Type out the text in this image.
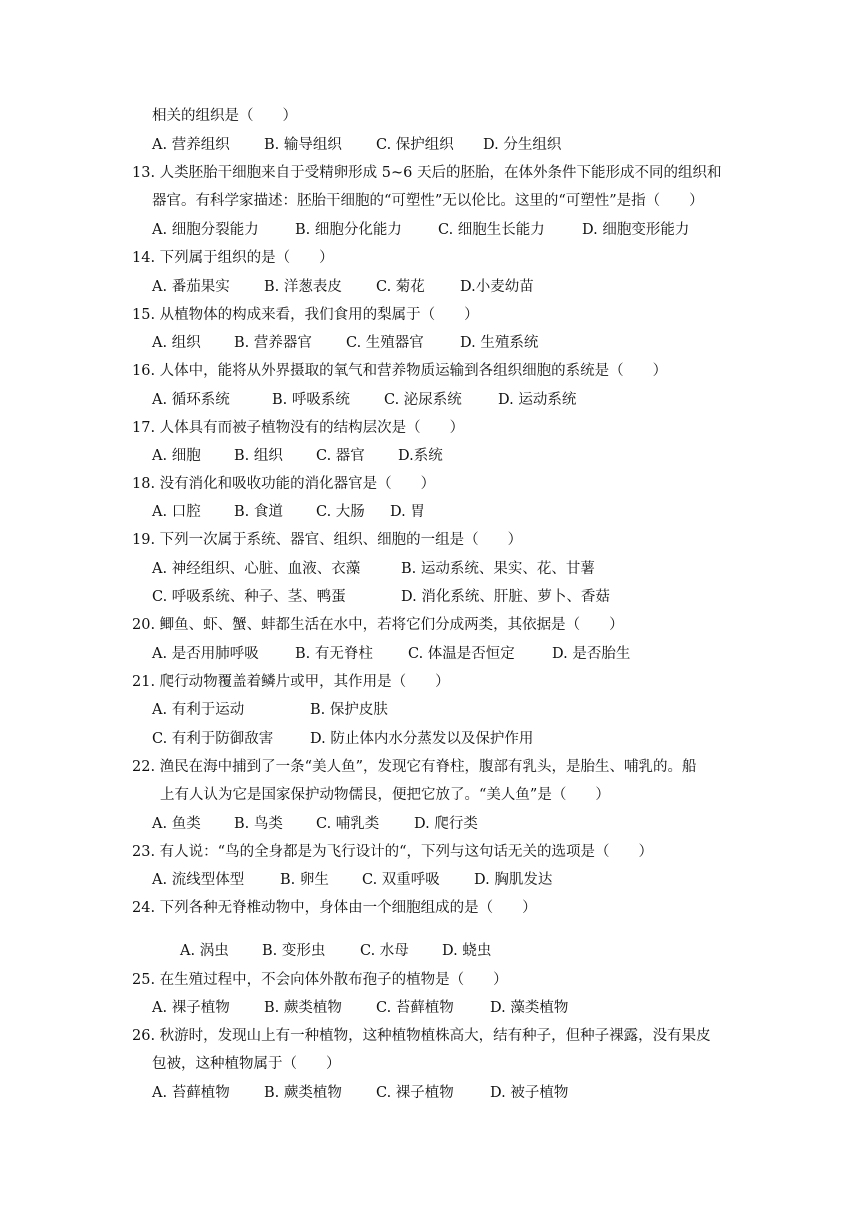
相关的组织是（　　）
A. 营养组织 B. 输导组织 C. 保护组织 D. 分生组织
13. 人类胚胎干细胞来自于受精卵形成 5~6 天后的胚胎，在体外条件下能形成不同的组织和
器官。有科学家描述：胚胎干细胞的“可塑性”无以伦比。这里的“可塑性”是指（　　）
A. 细胞分裂能力	B. 细胞分化能力 C. 细胞生长能力	D. 细胞变形能力
14. 下列属于组织的是（　　）
A. 番茄果实 B. 洋葱表皮 C. 菊花 D.小麦幼苗
15. 从植物体的构成来看，我们食用的梨属于（　　）
A. 组织 B. 营养器官 C. 生殖器官 D. 生殖系统
16. 人体中，能将从外界摄取的氧气和营养物质运输到各组织细胞的系统是（　　）
A. 循环系统	B. 呼吸系统 C. 泌尿系统 D. 运动系统
17. 人体具有而被子植物没有的结构层次是（　　）
A. 细胞 B. 组织 C. 器官 D.系统
18. 没有消化和吸收功能的消化器官是（　　）
A. 口腔 B. 食道 C. 大肠 D. 胃
19. 下列一次属于系统、器官、组织、细胞的一组是（　　）
A. 神经组织、心脏、血液、衣藻	B. 运动系统、果实、花、甘薯
C. 呼吸系统、种子、茎、鸭蛋	D. 消化系统、肝脏、萝卜、香菇
20. 鲫鱼、虾、蟹、蚌都生活在水中，若将它们分成两类，其依据是（　　）
A. 是否用肺呼吸	B. 有无脊柱 C. 体温是否恒定	D. 是否胎生
21. 爬行动物覆盖着鳞片或甲，其作用是（　　）
A. 有利于运动	B. 保护皮肤
C. 有利于防御敌害	D. 防止体内水分蒸发以及保护作用
22. 渔民在海中捕到了一条“美人鱼”，发现它有脊柱，腹部有乳头，是胎生、哺乳的。船
上有人认为它是国家保护动物儒艮，便把它放了。“美人鱼”是（　　）
A. 鱼类 B. 鸟类 C. 哺乳类 D. 爬行类
23. 有人说：“鸟的全身都是为飞行设计的“，下列与这句话无关的选项是（　　）
A. 流线型体型 B. 卵生 C. 双重呼吸 D. 胸肌发达
24. 下列各种无脊椎动物中，身体由一个细胞组成的是（　　）
A. 涡虫 B. 变形虫 C. 水母 D. 蛲虫
25. 在生殖过程中，不会向体外散布孢子的植物是（　　）
A. 裸子植物 B. 蕨类植物 C. 苔藓植物 D. 藻类植物
26. 秋游时，发现山上有一种植物，这种植物植株高大，结有种子，但种子裸露，没有果皮
包被，这种植物属于（　　）
A. 苔藓植物 B. 蕨类植物 C. 裸子植物 D. 被子植物
